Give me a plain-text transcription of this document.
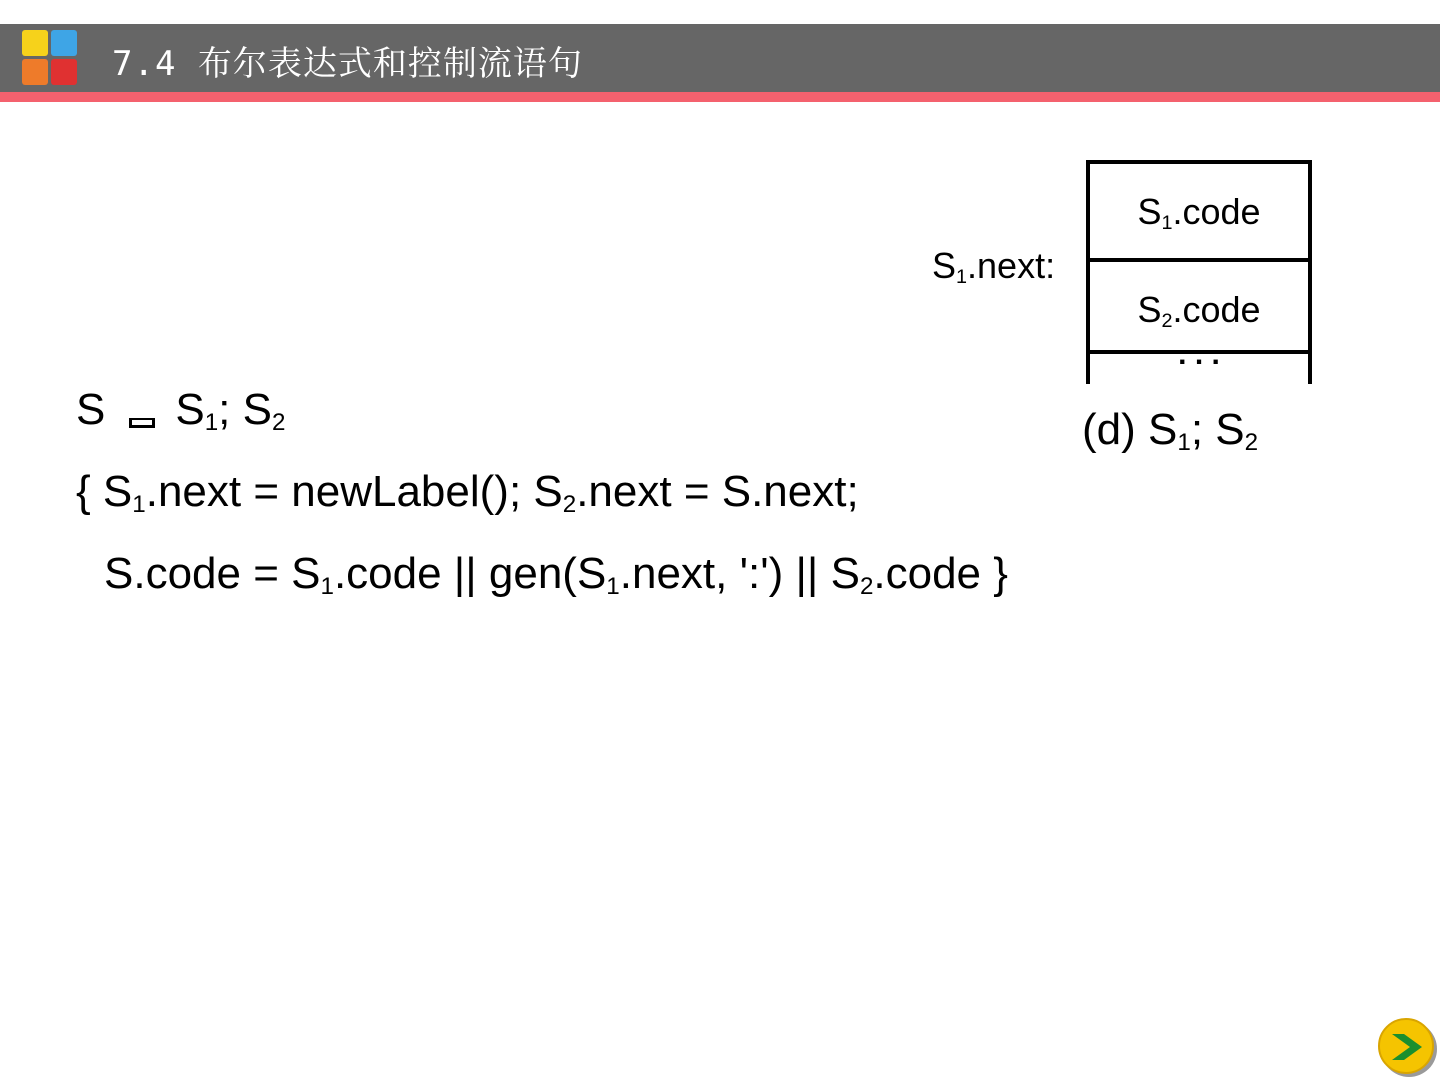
7.4 布尔表达式和控制流语句
S $S_1$; $S_2$
{ $S_1.next$ = newLabel(); $S_2.next$ = S.next;
S.code = $S_1.code$ || $gen(S_1.next$, ':') || $S_2.code$ }
$S_1.next$:
$S_1.code$
$S_2.code$
. . .
(d) $S_1$; $S_2$
